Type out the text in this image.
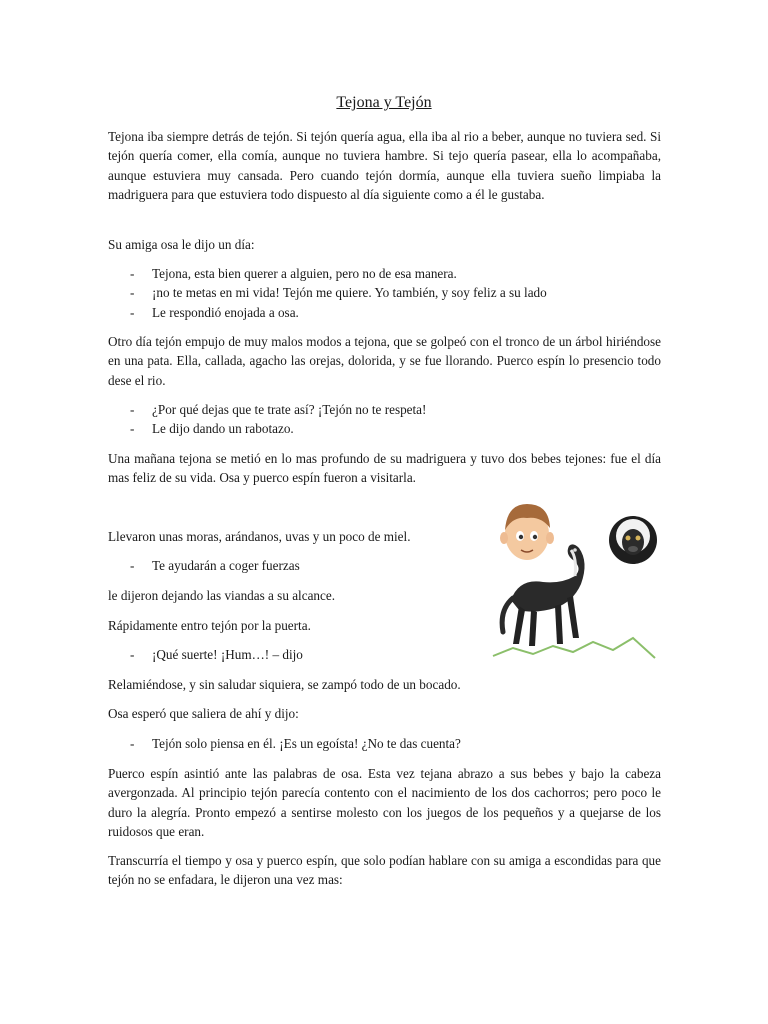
Tejona y Tejón

Tejona iba siempre detrás de tejón. Si tejón quería agua, ella iba al rio a beber, aunque no tuviera sed. Si tejón quería comer, ella comía, aunque no tuviera hambre. Si tejo quería pasear, ella lo acompañaba, aunque estuviera muy cansada. Pero cuando tejón dormía, aunque ella tuviera sueño limpiaba la madriguera para que estuviera todo dispuesto al día siguiente como a él le gustaba.

Su amiga osa le dijo un día:

- Tejona, esta bien querer a alguien, pero no de esa manera.
- ¡no te metas en mi vida! Tejón me quiere. Yo también, y soy feliz a su lado
- Le respondió enojada a osa.

Otro día tejón empujo de muy malos modos a tejona, que se golpeó con el tronco de un árbol hiriéndose en una pata. Ella, callada, agacho las orejas, dolorida, y se fue llorando. Puerco espín lo presencio todo dese el rio.

- ¿Por qué dejas que te trate así? ¡Tejón no te respeta!
- Le dijo dando un rabotazo.

Una mañana tejona se metió en lo mas profundo de su madriguera y tuvo dos bebes tejones: fue el día mas feliz de su vida. Osa y puerco espín fueron a visitarla.

Llevaron unas moras, arándanos, uvas y un poco de miel.

- Te ayudarán a coger fuerzas

le dijeron dejando las viandas a su alcance.

Rápidamente entro tejón por la puerta.

- ¡Qué suerte! ¡Hum…! – dijo

Relamiéndose, y sin saludar siquiera, se zampó todo de un bocado.

Osa esperó que saliera de ahí y dijo:

- Tejón solo piensa en él. ¡Es un egoísta! ¿No te das cuenta?

Puerco espín asintió ante las palabras de osa. Esta vez tejana abrazo a sus bebes y bajo la cabeza avergonzada. Al principio tejón parecía contento con el nacimiento de los dos cachorros; pero poco le duro la alegría. Pronto empezó a sentirse molesto con los juegos de los pequeños y a quejarse de los ruidosos que eran.

Transcurría el tiempo y osa y puerco espín, que solo podían hablare con su amiga a escondidas para que tejón no se enfadara, le dijeron una vez mas:
